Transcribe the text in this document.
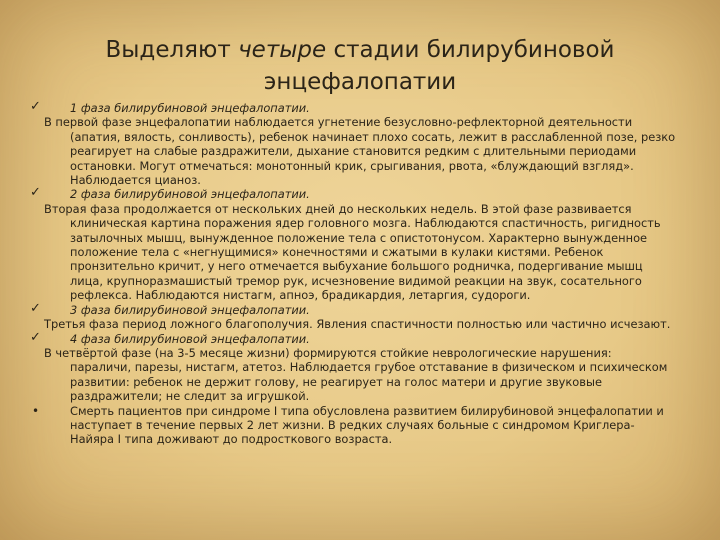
Выделяют четыре стадии билирубиновой
энцефалопатии

✓	1 фаза билирубиновой энцефалопатии.

В первой фазе энцефалопатии наблюдается угнетение безусловно-рефлекторной деятельности (апатия, вялость, сонливость), ребенок начинает плохо сосать, лежит в расслабленной позе, резко реагирует на слабые раздражители, дыхание становится редким с длительными периодами остановки. Могут отмечаться: монотонный крик, срыгивания, рвота, «блуждающий взгляд». Наблюдается цианоз.

✓	2 фаза билирубиновой энцефалопатии.

Вторая фаза продолжается от нескольких дней до нескольких недель. В этой фазе развивается клиническая картина поражения ядер головного мозга. Наблюдаются спастичность, ригидность затылочных мышц, вынужденное положение тела с опистотонусом. Характерно вынужденное положение тела с «негнущимися» конечностями и сжатыми в кулаки кистями. Ребенок пронзительно кричит, у него отмечается выбухание большого родничка, подергивание мышц лица, крупноразмашистый тремор рук, исчезновение видимой реакции на звук, сосательного рефлекса. Наблюдаются нистагм, апноэ, брадикардия, летаргия, судороги.

✓	3 фаза билирубиновой энцефалопатии.

Третья фаза период ложного благополучия. Явления спастичности полностью или частично исчезают.

✓	4 фаза билирубиновой энцефалопатии.

В четвёртой фазе (на 3-5 месяце жизни) формируются стойкие неврологические нарушения: параличи, парезы, нистагм, атетоз. Наблюдается грубое отставание в физическом и психическом развитии: ребенок не держит голову, не реагирует на голос матери и другие звуковые раздражители; не следит за игрушкой.

•	Смерть пациентов при синдроме I типа обусловлена развитием билирубиновой энцефалопатии и наступает в течение первых 2 лет жизни. В редких случаях больные с синдромом Криглера-Найяра I типа доживают до подросткового возраста.
